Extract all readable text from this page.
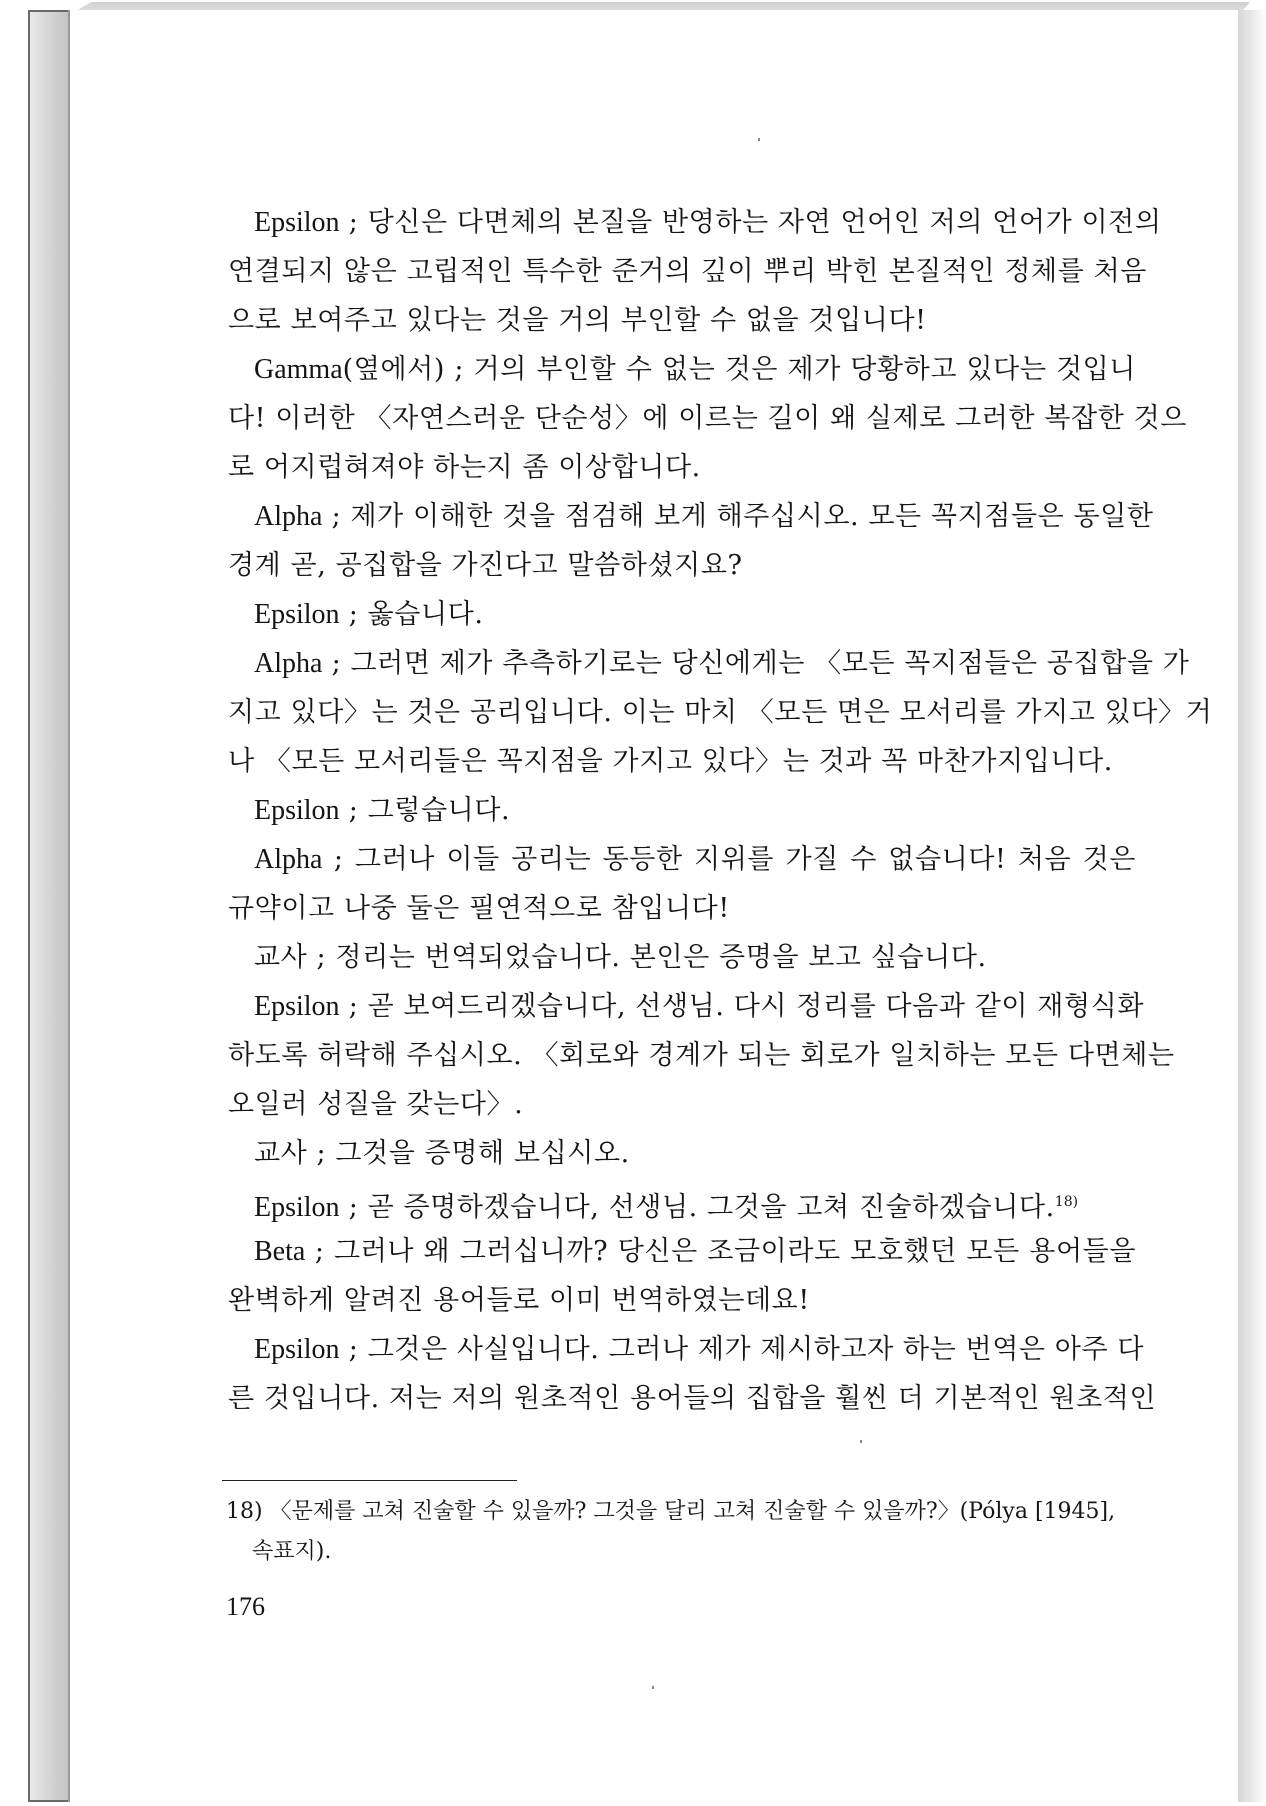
Epsilon ; 당신은 다면체의 본질을 반영하는 자연 언어인 저의 언어가 이전의
연결되지 않은 고립적인 특수한 준거의 깊이 뿌리 박힌 본질적인 정체를 처음
으로 보여주고 있다는 것을 거의 부인할 수 없을 것입니다!
Gamma(옆에서) ; 거의 부인할 수 없는 것은 제가 당황하고 있다는 것입니
다! 이러한 〈자연스러운 단순성〉에 이르는 길이 왜 실제로 그러한 복잡한 것으
로 어지럽혀져야 하는지 좀 이상합니다.
Alpha ; 제가 이해한 것을 점검해 보게 해주십시오. 모든 꼭지점들은 동일한
경계 곧, 공집합을 가진다고 말씀하셨지요?
Epsilon ; 옳습니다.
Alpha ; 그러면 제가 추측하기로는 당신에게는 〈모든 꼭지점들은 공집합을 가
지고 있다〉는 것은 공리입니다. 이는 마치 〈모든 면은 모서리를 가지고 있다〉거
나 〈모든 모서리들은 꼭지점을 가지고 있다〉는 것과 꼭 마찬가지입니다.
Epsilon ; 그렇습니다.
Alpha ; 그러나 이들 공리는 동등한 지위를 가질 수 없습니다! 처음 것은
규약이고 나중 둘은 필연적으로 참입니다!
교사 ; 정리는 번역되었습니다. 본인은 증명을 보고 싶습니다.
Epsilon ; 곧 보여드리겠습니다, 선생님. 다시 정리를 다음과 같이 재형식화
하도록 허락해 주십시오. 〈회로와 경계가 되는 회로가 일치하는 모든 다면체는
오일러 성질을 갖는다〉.
교사 ; 그것을 증명해 보십시오.
Epsilon ; 곧 증명하겠습니다, 선생님. 그것을 고쳐 진술하겠습니다.$^{18)}$
Beta ; 그러나 왜 그러십니까? 당신은 조금이라도 모호했던 모든 용어들을
완벽하게 알려진 용어들로 이미 번역하였는데요!
Epsilon ; 그것은 사실입니다. 그러나 제가 제시하고자 하는 번역은 아주 다
른 것입니다. 저는 저의 원초적인 용어들의 집합을 훨씬 더 기본적인 원초적인
18) 〈문제를 고쳐 진술할 수 있을까? 그것을 달리 고쳐 진술할 수 있을까?〉(Pólya [1945],
속표지).
176
